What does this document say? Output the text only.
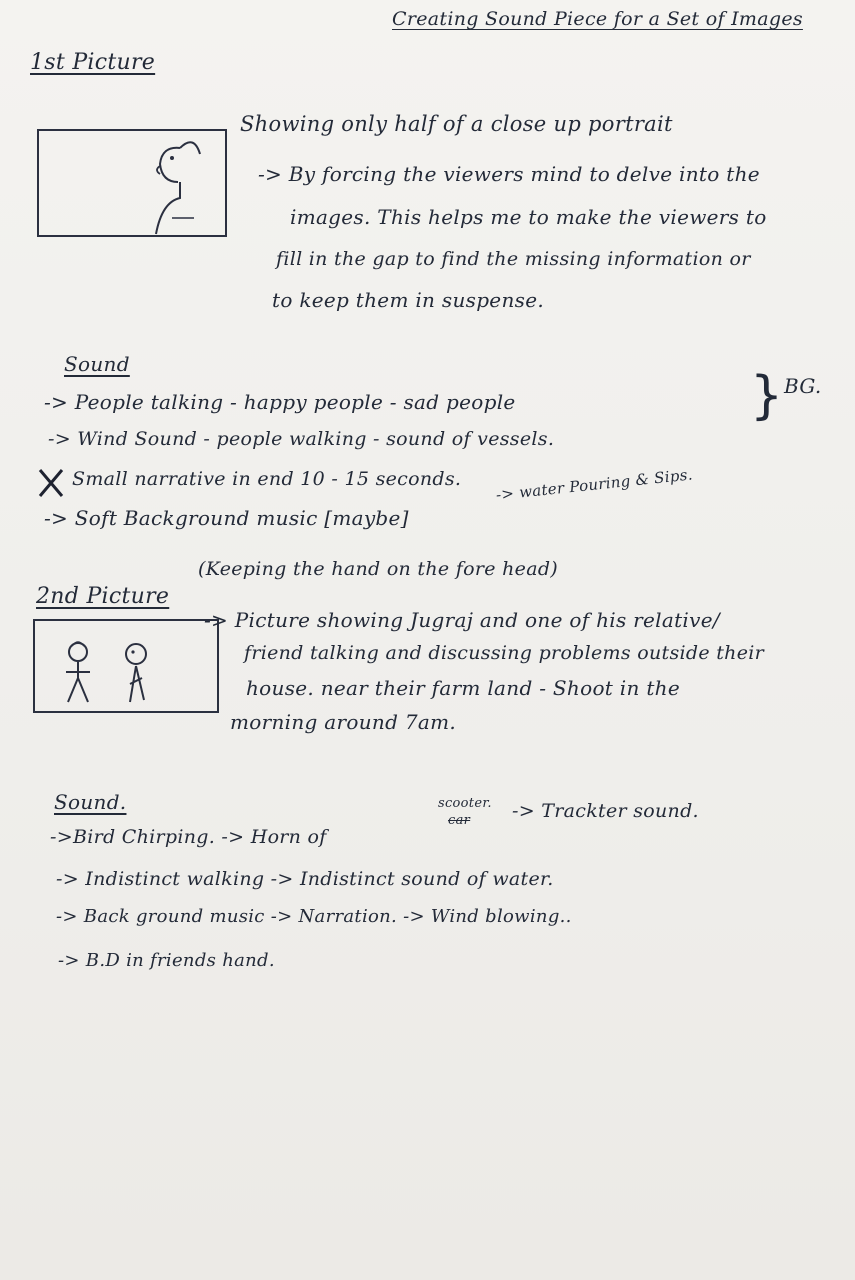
Creating Sound Piece for a Set of Images
1st Picture
Showing only half of a close up portrait
-> By forcing the viewers mind to delve into the
images. This helps me to make the viewers to
fill in the gap to find the missing information or
to keep them in suspense.
Sound
-> People talking - happy people - sad people
-> Wind Sound - people walking - sound of vessels.
} BG.
Small narrative in end 10 - 15 seconds.
-> Soft Background music [maybe]
-> water Pouring & Sips.
2nd Picture
(Keeping the hand on the fore head)
-> Picture showing Jugraj and one of his relative/
friend talking and discussing problems outside their
house. near their farm land - Shoot in the
morning around 7am.
Sound.
->Bird Chirping. -> Horn of
scooter.
car -> Trackter sound.
-> Indistinct walking -> Indistinct sound of water.
-> Back ground music -> Narration. -> Wind blowing..
-> B.D in friends hand.
